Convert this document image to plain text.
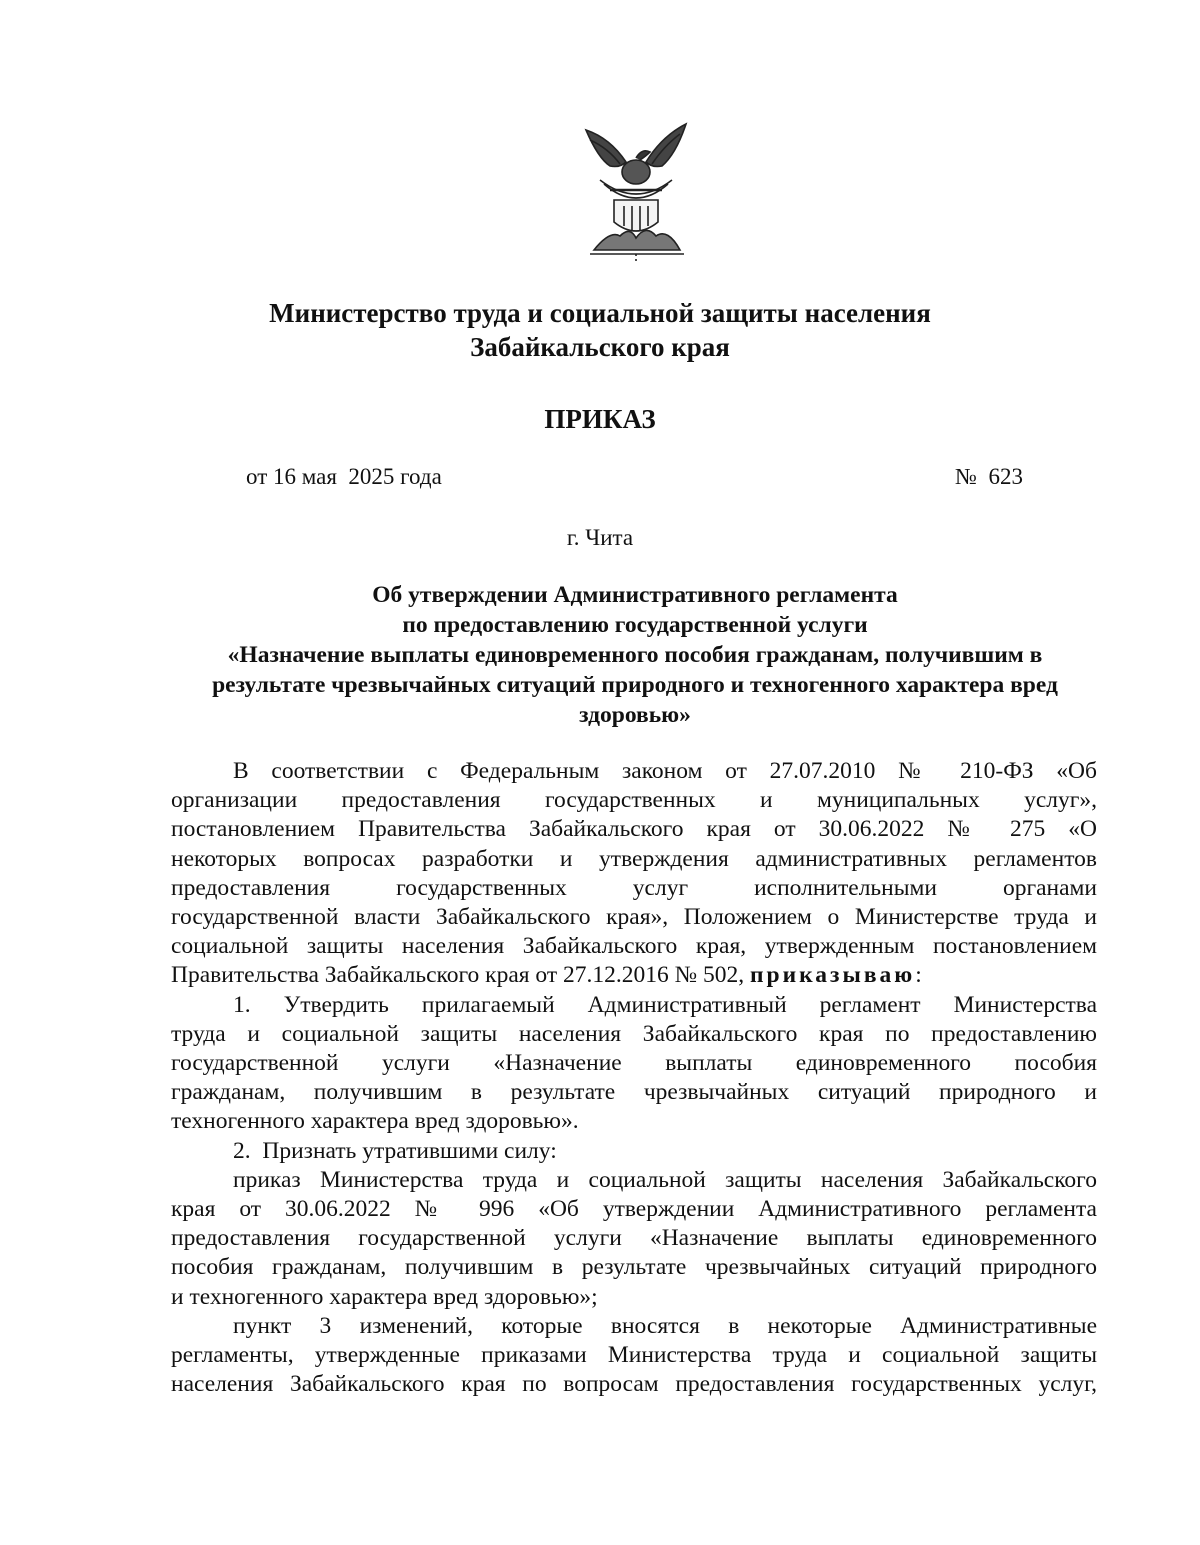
Министерство труда и социальной защиты населения
Забайкальского края
ПРИКАЗ
от 16 мая  2025 года	№  623
г. Чита
Об утверждении Административного регламента
по предоставлению государственной услуги
«Назначение выплаты единовременного пособия гражданам, получившим в
результате чрезвычайных ситуаций природного и техногенного характера вред
здоровью»
В соответствии с Федеральным законом от 27.07.2010 № 210-ФЗ «Об
организации предоставления государственных и муниципальных услуг»,
постановлением Правительства Забайкальского края от 30.06.2022 № 275 «О
некоторых вопросах разработки и утверждения административных регламентов
предоставления государственных услуг исполнительными органами
государственной власти Забайкальского края», Положением о Министерстве труда и
социальной защиты населения Забайкальского края, утвержденным постановлением
Правительства Забайкальского края от 27.12.2016 № 502, приказываю:
1. Утвердить прилагаемый Административный регламент Министерства
труда и социальной защиты населения Забайкальского края по предоставлению
государственной услуги «Назначение выплаты единовременного пособия
гражданам, получившим в результате чрезвычайных ситуаций природного и
техногенного характера вред здоровью».
2.  Признать утратившими силу:
приказ Министерства труда и социальной защиты населения Забайкальского
края от 30.06.2022 № 996 «Об утверждении Административного регламента
предоставления государственной услуги «Назначение выплаты единовременного
пособия гражданам, получившим в результате чрезвычайных ситуаций природного
и техногенного характера вред здоровью»;
пункт 3 изменений, которые вносятся в некоторые Административные
регламенты, утвержденные приказами Министерства труда и социальной защиты
населения Забайкальского края по вопросам предоставления государственных услуг,
